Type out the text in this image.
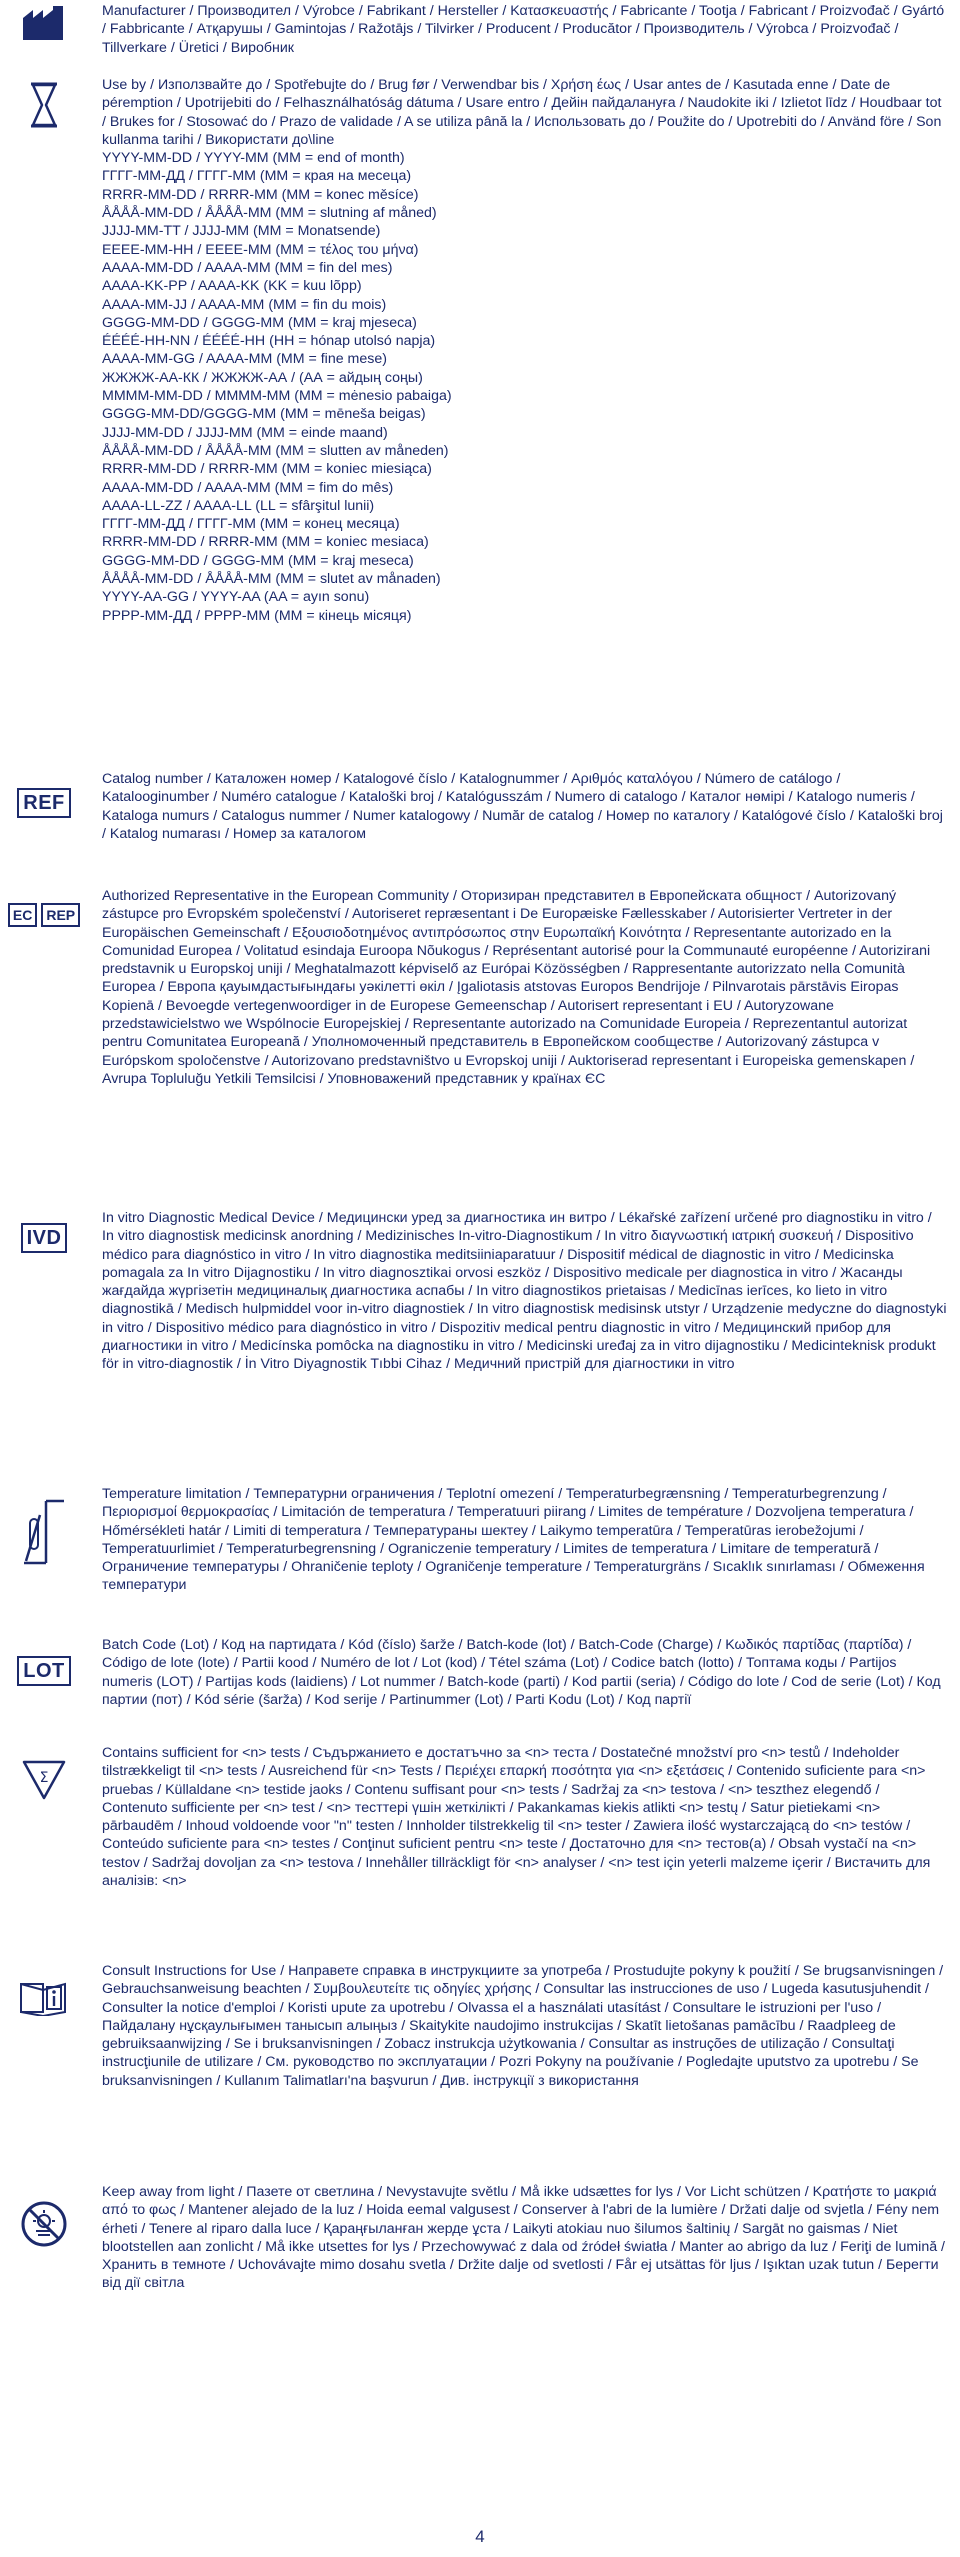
Manufacturer / Производител / Výrobce / Fabrikant / Hersteller / Κατασκευαστής / Fabricante / Tootja / Fabricant / Proizvođač / Gyártó / Fabbricante / Атқарушы / Gamintojas / Ražotājs / Tilvirker / Producent / Producător / Производитель / Výrobca / Proizvođač / Tillverkare / Üretici / Виробник

Use by / Използвайте до / Spotřebujte do / Brug før / Verwendbar bis / Χρήση έως / Usar antes de / Kasutada enne / Date de péremption / Upotrijebiti do / Felhasználhatóság dátuma / Usare entro / Дейін пайдалануға / Naudokite iki / Izlietot līdz / Houdbaar tot / Brukes for / Stosować do / Prazo de validade / A se utiliza până la / Использовать до / Použite do / Upotrebiti do / Använd före / Son kullanma tarihi / Використати до\line

YYYY-MM-DD / YYYY-MM (MM = end of month)

ГГГГ-ММ-ДД / ГГГГ-ММ (ММ = края на месеца)

RRRR-MM-DD / RRRR-MM (MM = konec měsíce)

ÅÅÅÅ-MM-DD / ÅÅÅÅ-MM (MM = slutning af måned)

JJJJ-MM-TT / JJJJ-MM (MM = Monatsende)

ΕΕΕΕ-ΜΜ-ΗΗ / ΕΕΕΕ-ΜΜ (ΜΜ = τέλος του μήνα)

AAAA-MM-DD / AAAA-MM (MM = fin del mes)

AAAA-KK-PP / AAAA-KK (KK = kuu lõpp)

AAAA-MM-JJ / AAAA-MM (MM = fin du mois)

GGGG-MM-DD / GGGG-MM (MM = kraj mjeseca)

ÉÉÉÉ-HH-NN / ÉÉÉÉ-HH (HH = hónap utolsó napja)

AAAA-MM-GG / AAAA-MM (MM = fine mese)

ЖЖЖЖ-АА-КК / ЖЖЖЖ-АА / (АА = айдың соңы)

MMMM-MM-DD / MMMM-MM (MM = mėnesio pabaiga)

GGGG-MM-DD/GGGG-MM (MM = mēneša beigas)

JJJJ-MM-DD / JJJJ-MM (MM = einde maand)

ÅÅÅÅ-MM-DD / ÅÅÅÅ-MM (MM = slutten av måneden)

RRRR-MM-DD / RRRR-MM (MM = koniec miesiąca)

AAAA-MM-DD / AAAA-MM (MM = fim do mês)

AAAA-LL-ZZ / AAAA-LL (LL = sfârşitul lunii)

ГГГГ-ММ-ДД / ГГГГ-ММ (ММ = конец месяца)

RRRR-MM-DD / RRRR-MM (MM = koniec mesiaca)

GGGG-MM-DD / GGGG-MM (MM = kraj meseca)

ÅÅÅÅ-MM-DD / ÅÅÅÅ-MM (MM = slutet av månaden)

YYYY-AA-GG / YYYY-AA (AA = ayın sonu)

РРРР-ММ-ДД / РРРР-ММ (ММ = кінець місяця)

REF

Catalog number / Каталожен номер / Katalogové číslo / Katalognummer / Αριθμός καταλόγου / Número de catálogo / Katalooginumber / Numéro catalogue / Kataloški broj / Katalógusszám / Numero di catalogo / Каталог нөмірі / Katalogo numeris / Kataloga numurs / Catalogus nummer / Numer katalogowy / Număr de catalog / Номер по каталогу / Katalógové číslo / Kataloški broj / Katalog numarası / Номер за каталогом

EC	REP

Authorized Representative in the European Community / Оторизиран представител в Европейската общност / Autorizovaný zástupce pro Evropském společenství / Autoriseret repræsentant i De Europæiske Fællesskaber / Autorisierter Vertreter in der Europäischen Gemeinschaft / Εξουσιοδοτημένος αντιπρόσωπος στην Ευρωπαϊκή Κοινότητα / Representante autorizado en la Comunidad Europea / Volitatud esindaja Euroopa Nõukogus / Représentant autorisé pour la Communauté européenne / Autorizirani predstavnik u Europskoj uniji / Meghatalmazott képviselő az Európai Közösségben / Rappresentante autorizzato nella Comunità Europea / Европа қауымдастығындағы уәкілетті өкіл / Įgaliotasis atstovas Europos Bendrijoje / Pilnvarotais pārstāvis Eiropas Kopienā / Bevoegde vertegenwoordiger in de Europese Gemeenschap / Autorisert representant i EU / Autoryzowane przedstawicielstwo we Wspólnocie Europejskiej / Representante autorizado na Comunidade Europeia / Reprezentantul autorizat pentru Comunitatea Europeană / Уполномоченный представитель в Европейском сообществе / Autorizovaný zástupca v Európskom spoločenstve / Autorizovano predstavništvo u Evropskoj uniji / Auktoriserad representant i Europeiska gemenskapen / Avrupa Topluluğu Yetkili Temsilcisi / Уповноважений представник у країнах ЄС

IVD

In vitro Diagnostic Medical Device / Медицински уред за диагностика ин витро / Lékařské zařízení určené pro diagnostiku in vitro / In vitro diagnostisk medicinsk anordning / Medizinisches In-vitro-Diagnostikum / In vitro διαγνωστική ιατρική συσκευή / Dispositivo médico para diagnóstico in vitro / In vitro diagnostika meditsiiniaparatuur / Dispositif médical de diagnostic in vitro / Medicinska pomagala za In vitro Dijagnostiku / In vitro diagnosztikai orvosi eszköz / Dispositivo medicale per diagnostica in vitro / Жасанды жағдайда жүргізетін медициналық диагностика аспабы / In vitro diagnostikos prietaisas / Medicīnas ierīces, ko lieto in vitro diagnostikā / Medisch hulpmiddel voor in-vitro diagnostiek / In vitro diagnostisk medisinsk utstyr / Urządzenie medyczne do diagnostyki in vitro / Dispositivo médico para diagnóstico in vitro / Dispozitiv medical pentru diagnostic in vitro / Медицинский прибор для диагностики in vitro / Medicínska pomôcka na diagnostiku in vitro / Medicinski uređaj za in vitro dijagnostiku / Medicinteknisk produkt för in vitro-diagnostik / İn Vitro Diyagnostik Tıbbi Cihaz / Медичний пристрій для діагностики in vitro

Temperature limitation / Температурни ограничения / Teplotní omezení / Temperaturbegrænsning / Temperaturbegrenzung / Περιορισμοί θερμοκρασίας / Limitación de temperatura / Temperatuuri piirang / Limites de température / Dozvoljena temperatura / Hőmérsékleti határ / Limiti di temperatura / Температураны шектеу / Laikymo temperatūra / Temperatūras ierobežojumi / Temperatuurlimiet / Temperaturbegrensning / Ograniczenie temperatury / Limites de temperatura / Limitare de temperatură / Ограничение температуры / Ohraničenie teploty / Ograničenje temperature / Temperaturgräns / Sıcaklık sınırlaması / Обмеження температури

LOT

Batch Code (Lot) / Код на партидата / Kód (číslo) šarže / Batch-kode (lot) / Batch-Code (Charge) / Κωδικός παρτίδας (παρτίδα) / Código de lote (lote) / Partii kood / Numéro de lot / Lot (kod) / Tétel száma (Lot) / Codice batch (lotto) / Топтама коды / Partijos numeris (LOT) / Partijas kods (laidiens) / Lot nummer / Batch-kode (parti) / Kod partii (seria) / Código do lote / Cod de serie (Lot) / Код партии (пот) / Kód série (šarža) / Kod serije / Partinummer (Lot) / Parti Kodu (Lot) / Код партії

Σ

Contains sufficient for <n> tests / Съдържанието е достатъчно за <n> теста / Dostatečné množství pro <n> testů / Indeholder tilstrækkeligt til <n> tests / Ausreichend für <n> Tests / Περιέχει επαρκή ποσότητα για <n> εξετάσεις / Contenido suficiente para <n> pruebas / Küllaldane <n> testide jaoks / Contenu suffisant pour <n> tests / Sadržaj za <n> testova / <n> teszthez elegendő / Contenuto sufficiente per <n> test / <n> тесттері үшін жеткілікті / Pakankamas kiekis atlikti <n> testų / Satur pietiekami <n> pārbaudēm / Inhoud voldoende voor "n" testen / Innholder tilstrekkelig til <n> tester / Zawiera ilość wystarczającą do <n> testów / Conteúdo suficiente para <n> testes / Conţinut suficient pentru <n> teste / Достаточно для <n> тестов(а) / Obsah vystačí na <n> testov / Sadržaj dovoljan za <n> testova / Innehåller tillräckligt för <n> analyser / <n> test için yeterli malzeme içerir / Вистачить для аналізів: <n>

Consult Instructions for Use / Направете справка в инструкциите за употреба / Prostudujte pokyny k použití / Se brugsanvisningen / Gebrauchsanweisung beachten / Συμβουλευτείτε τις οδηγίες χρήσης / Consultar las instrucciones de uso / Lugeda kasutusjuhendit / Consulter la notice d'emploi / Koristi upute za upotrebu / Olvassa el a használati utasítást / Consultare le istruzioni per l'uso / Пайдалану нұсқаулығымен танысып алыңыз / Skaitykite naudojimo instrukcijas / Skatīt lietošanas pamācību / Raadpleeg de gebruiksaanwijzing / Se i bruksanvisningen / Zobacz instrukcja użytkowania / Consultar as instruções de utilização / Consultaţi instrucţiunile de utilizare / См. руководство по эксплуатации / Pozri Pokyny na používanie / Pogledajte uputstvo za upotrebu / Se bruksanvisningen / Kullanım Talimatları'na başvurun / Див. інструкції з використання

Keep away from light / Пазете от светлина / Nevystavujte světlu / Må ikke udsættes for lys / Vor Licht schützen / Κρατήστε το μακριά από το φως / Mantener alejado de la luz / Hoida eemal valgusest / Conserver à l'abri de la lumière / Držati dalje od svjetla / Fény nem érheti / Tenere al riparo dalla luce / Қараңғыланған жерде ұста / Laikyti atokiau nuo šilumos šaltinių / Sargāt no gaismas / Niet blootstellen aan zonlicht / Må ikke utsettes for lys / Przechowywać z dala od źródeł światła / Manter ao abrigo da luz / Feriţi de lumină / Хранить в темноте / Uchovávajte mimo dosahu svetla / Držite dalje od svetlosti / Får ej utsättas för ljus / Işıktan uzak tutun / Берегти від дії світла

4
